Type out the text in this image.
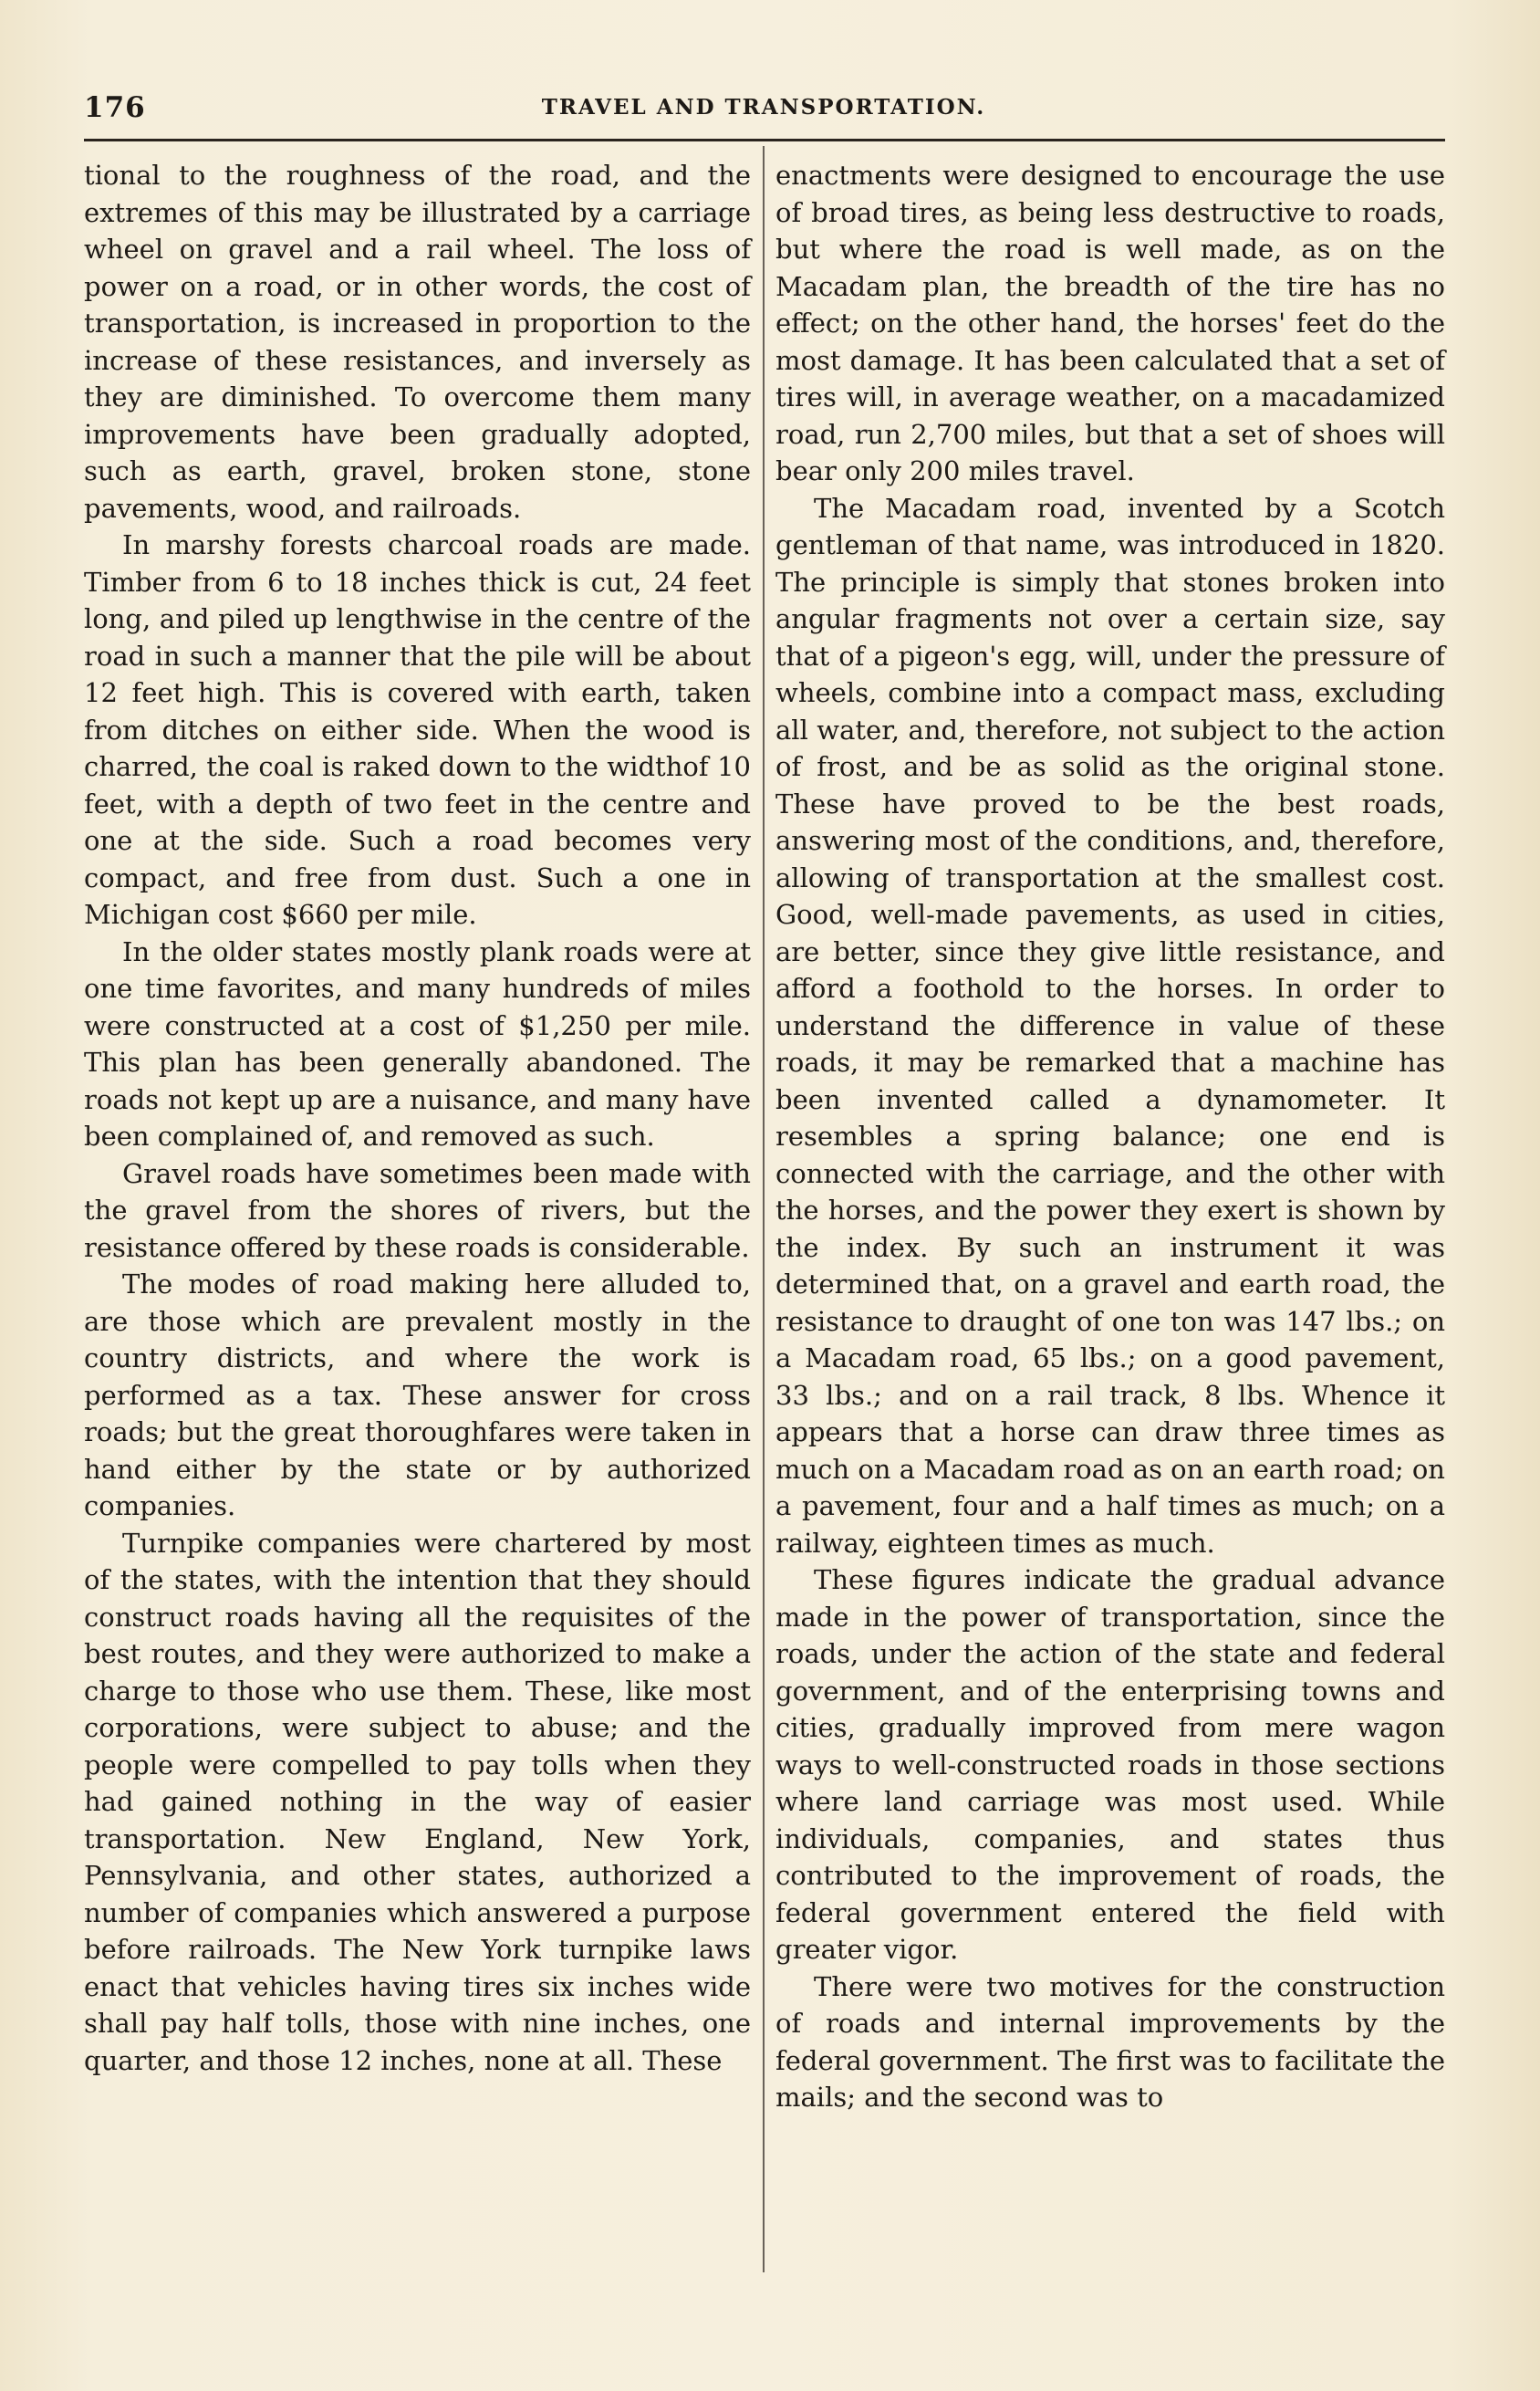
176	TRAVEL AND TRANSPORTATION.

tional to the roughness of the road, and the extremes of this may be illustrated by a carriage wheel on gravel and a rail wheel. The loss of power on a road, or in other words, the cost of transportation, is increased in proportion to the increase of these resistances, and inversely as they are diminished. To overcome them many improvements have been gradually adopted, such as earth, gravel, broken stone, stone pavements, wood, and railroads.

In marshy forests charcoal roads are made. Timber from 6 to 18 inches thick is cut, 24 feet long, and piled up lengthwise in the centre of the road in such a manner that the pile will be about 12 feet high. This is covered with earth, taken from ditches on either side. When the wood is charred, the coal is raked down to the widthof 10 feet, with a depth of two feet in the centre and one at the side. Such a road becomes very compact, and free from dust. Such a one in Michigan cost $660 per mile.

In the older states mostly plank roads were at one time favorites, and many hundreds of miles were constructed at a cost of $1,250 per mile. This plan has been generally abandoned. The roads not kept up are a nuisance, and many have been complained of, and removed as such.

Gravel roads have sometimes been made with the gravel from the shores of rivers, but the resistance offered by these roads is considerable.

The modes of road making here alluded to, are those which are prevalent mostly in the country districts, and where the work is performed as a tax. These answer for cross roads; but the great thoroughfares were taken in hand either by the state or by authorized companies.

Turnpike companies were chartered by most of the states, with the intention that they should construct roads having all the requisites of the best routes, and they were authorized to make a charge to those who use them. These, like most corporations, were subject to abuse; and the people were compelled to pay tolls when they had gained nothing in the way of easier transportation. New England, New York, Pennsylvania, and other states, authorized a number of companies which answered a purpose before railroads. The New York turnpike laws enact that vehicles having tires six inches wide shall pay half tolls, those with nine inches, one quarter, and those 12 inches, none at all. These

enactments were designed to encourage the use of broad tires, as being less destructive to roads, but where the road is well made, as on the Macadam plan, the breadth of the tire has no effect; on the other hand, the horses' feet do the most damage. It has been calculated that a set of tires will, in average weather, on a macadamized road, run 2,700 miles, but that a set of shoes will bear only 200 miles travel.

The Macadam road, invented by a Scotch gentleman of that name, was introduced in 1820. The principle is simply that stones broken into angular fragments not over a certain size, say that of a pigeon's egg, will, under the pressure of wheels, combine into a compact mass, excluding all water, and, therefore, not subject to the action of frost, and be as solid as the original stone. These have proved to be the best roads, answering most of the conditions, and, therefore, allowing of transportation at the smallest cost. Good, well-made pavements, as used in cities, are better, since they give little resistance, and afford a foothold to the horses. In order to understand the difference in value of these roads, it may be remarked that a machine has been invented called a dynamometer. It resembles a spring balance; one end is connected with the carriage, and the other with the horses, and the power they exert is shown by the index. By such an instrument it was determined that, on a gravel and earth road, the resistance to draught of one ton was 147 lbs.; on a Macadam road, 65 lbs.; on a good pavement, 33 lbs.; and on a rail track, 8 lbs. Whence it appears that a horse can draw three times as much on a Macadam road as on an earth road; on a pavement, four and a half times as much; on a railway, eighteen times as much.

These figures indicate the gradual advance made in the power of transportation, since the roads, under the action of the state and federal government, and of the enterprising towns and cities, gradually improved from mere wagon ways to well-constructed roads in those sections where land carriage was most used. While individuals, companies, and states thus contributed to the improvement of roads, the federal government entered the field with greater vigor.

There were two motives for the construction of roads and internal improvements by the federal government. The first was to facilitate the mails; and the second was to
